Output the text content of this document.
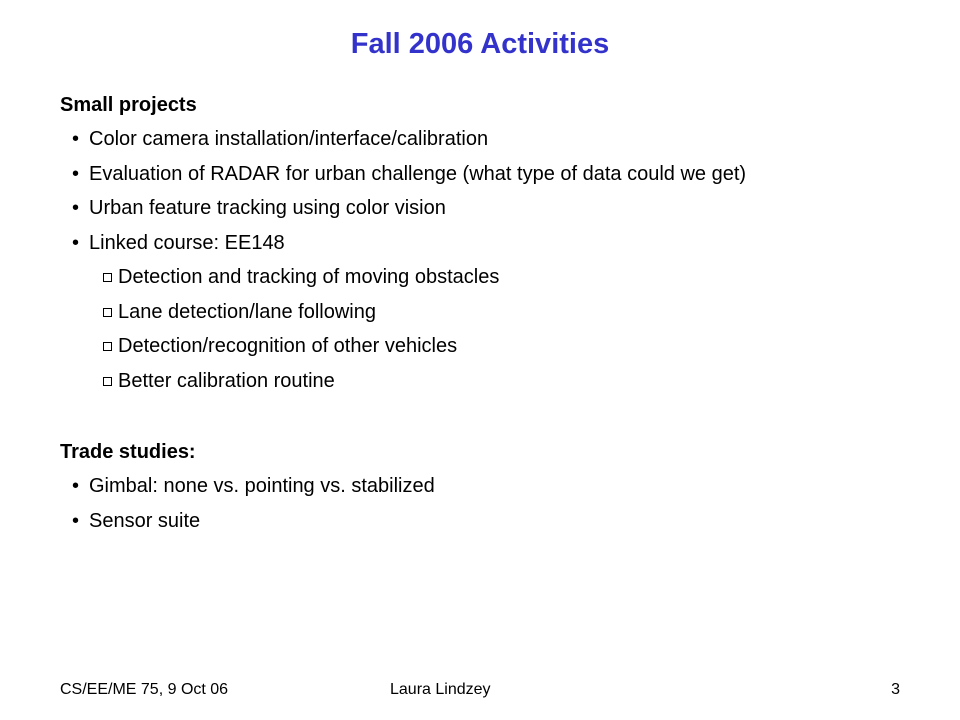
Fall 2006 Activities
Small projects
• Color camera installation/interface/calibration
• Evaluation of RADAR for urban challenge (what type of data could we get)
• Urban feature tracking using color vision
• Linked course: EE148
Detection and tracking of moving obstacles
Lane detection/lane following
Detection/recognition of other vehicles
Better calibration routine
Trade studies:
• Gimbal: none vs. pointing vs. stabilized
• Sensor suite
CS/EE/ME 75, 9 Oct 06	Laura Lindzey	3
